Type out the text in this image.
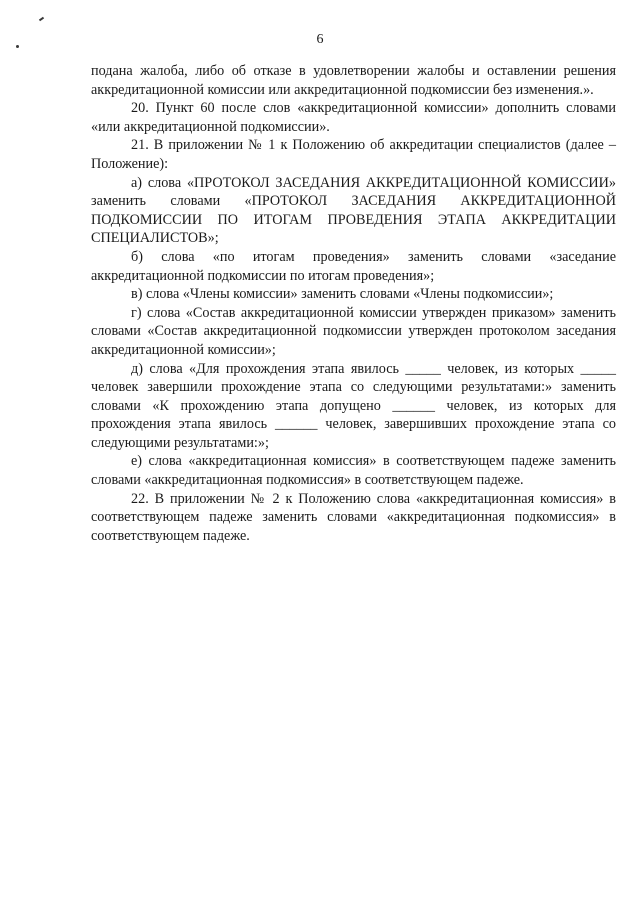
6

подана жалоба, либо об отказе в удовлетворении жалобы и оставлении решения аккредитационной комиссии или аккредитационной подкомиссии без изменения.».

20. Пункт 60 после слов «аккредитационной комиссии» дополнить словами «или аккредитационной подкомиссии».

21. В приложении № 1 к Положению об аккредитации специалистов (далее – Положение):

а) слова «ПРОТОКОЛ ЗАСЕДАНИЯ АККРЕДИТАЦИОННОЙ КОМИССИИ» заменить словами «ПРОТОКОЛ ЗАСЕДАНИЯ АККРЕДИТАЦИОННОЙ ПОДКОМИССИИ ПО ИТОГАМ ПРОВЕДЕНИЯ ЭТАПА АККРЕДИТАЦИИ СПЕЦИАЛИСТОВ»;

б) слова «по итогам проведения» заменить словами «заседание аккредитационной подкомиссии по итогам проведения»;

в) слова «Члены комиссии» заменить словами «Члены подкомиссии»;

г) слова «Состав аккредитационной комиссии утвержден приказом» заменить словами «Состав аккредитационной подкомиссии утвержден протоколом заседания аккредитационной комиссии»;

д) слова «Для прохождения этапа явилось _____ человек, из которых _____ человек завершили прохождение этапа со следующими результатами:» заменить словами «К прохождению этапа допущено ______ человек, из которых для прохождения этапа явилось ______ человек, завершивших прохождение этапа со следующими результатами:»;

е) слова «аккредитационная комиссия» в соответствующем падеже заменить словами «аккредитационная подкомиссия» в соответствующем падеже.

22. В приложении № 2 к Положению слова «аккредитационная комиссия» в соответствующем падеже заменить словами «аккредитационная подкомиссия» в соответствующем падеже.
